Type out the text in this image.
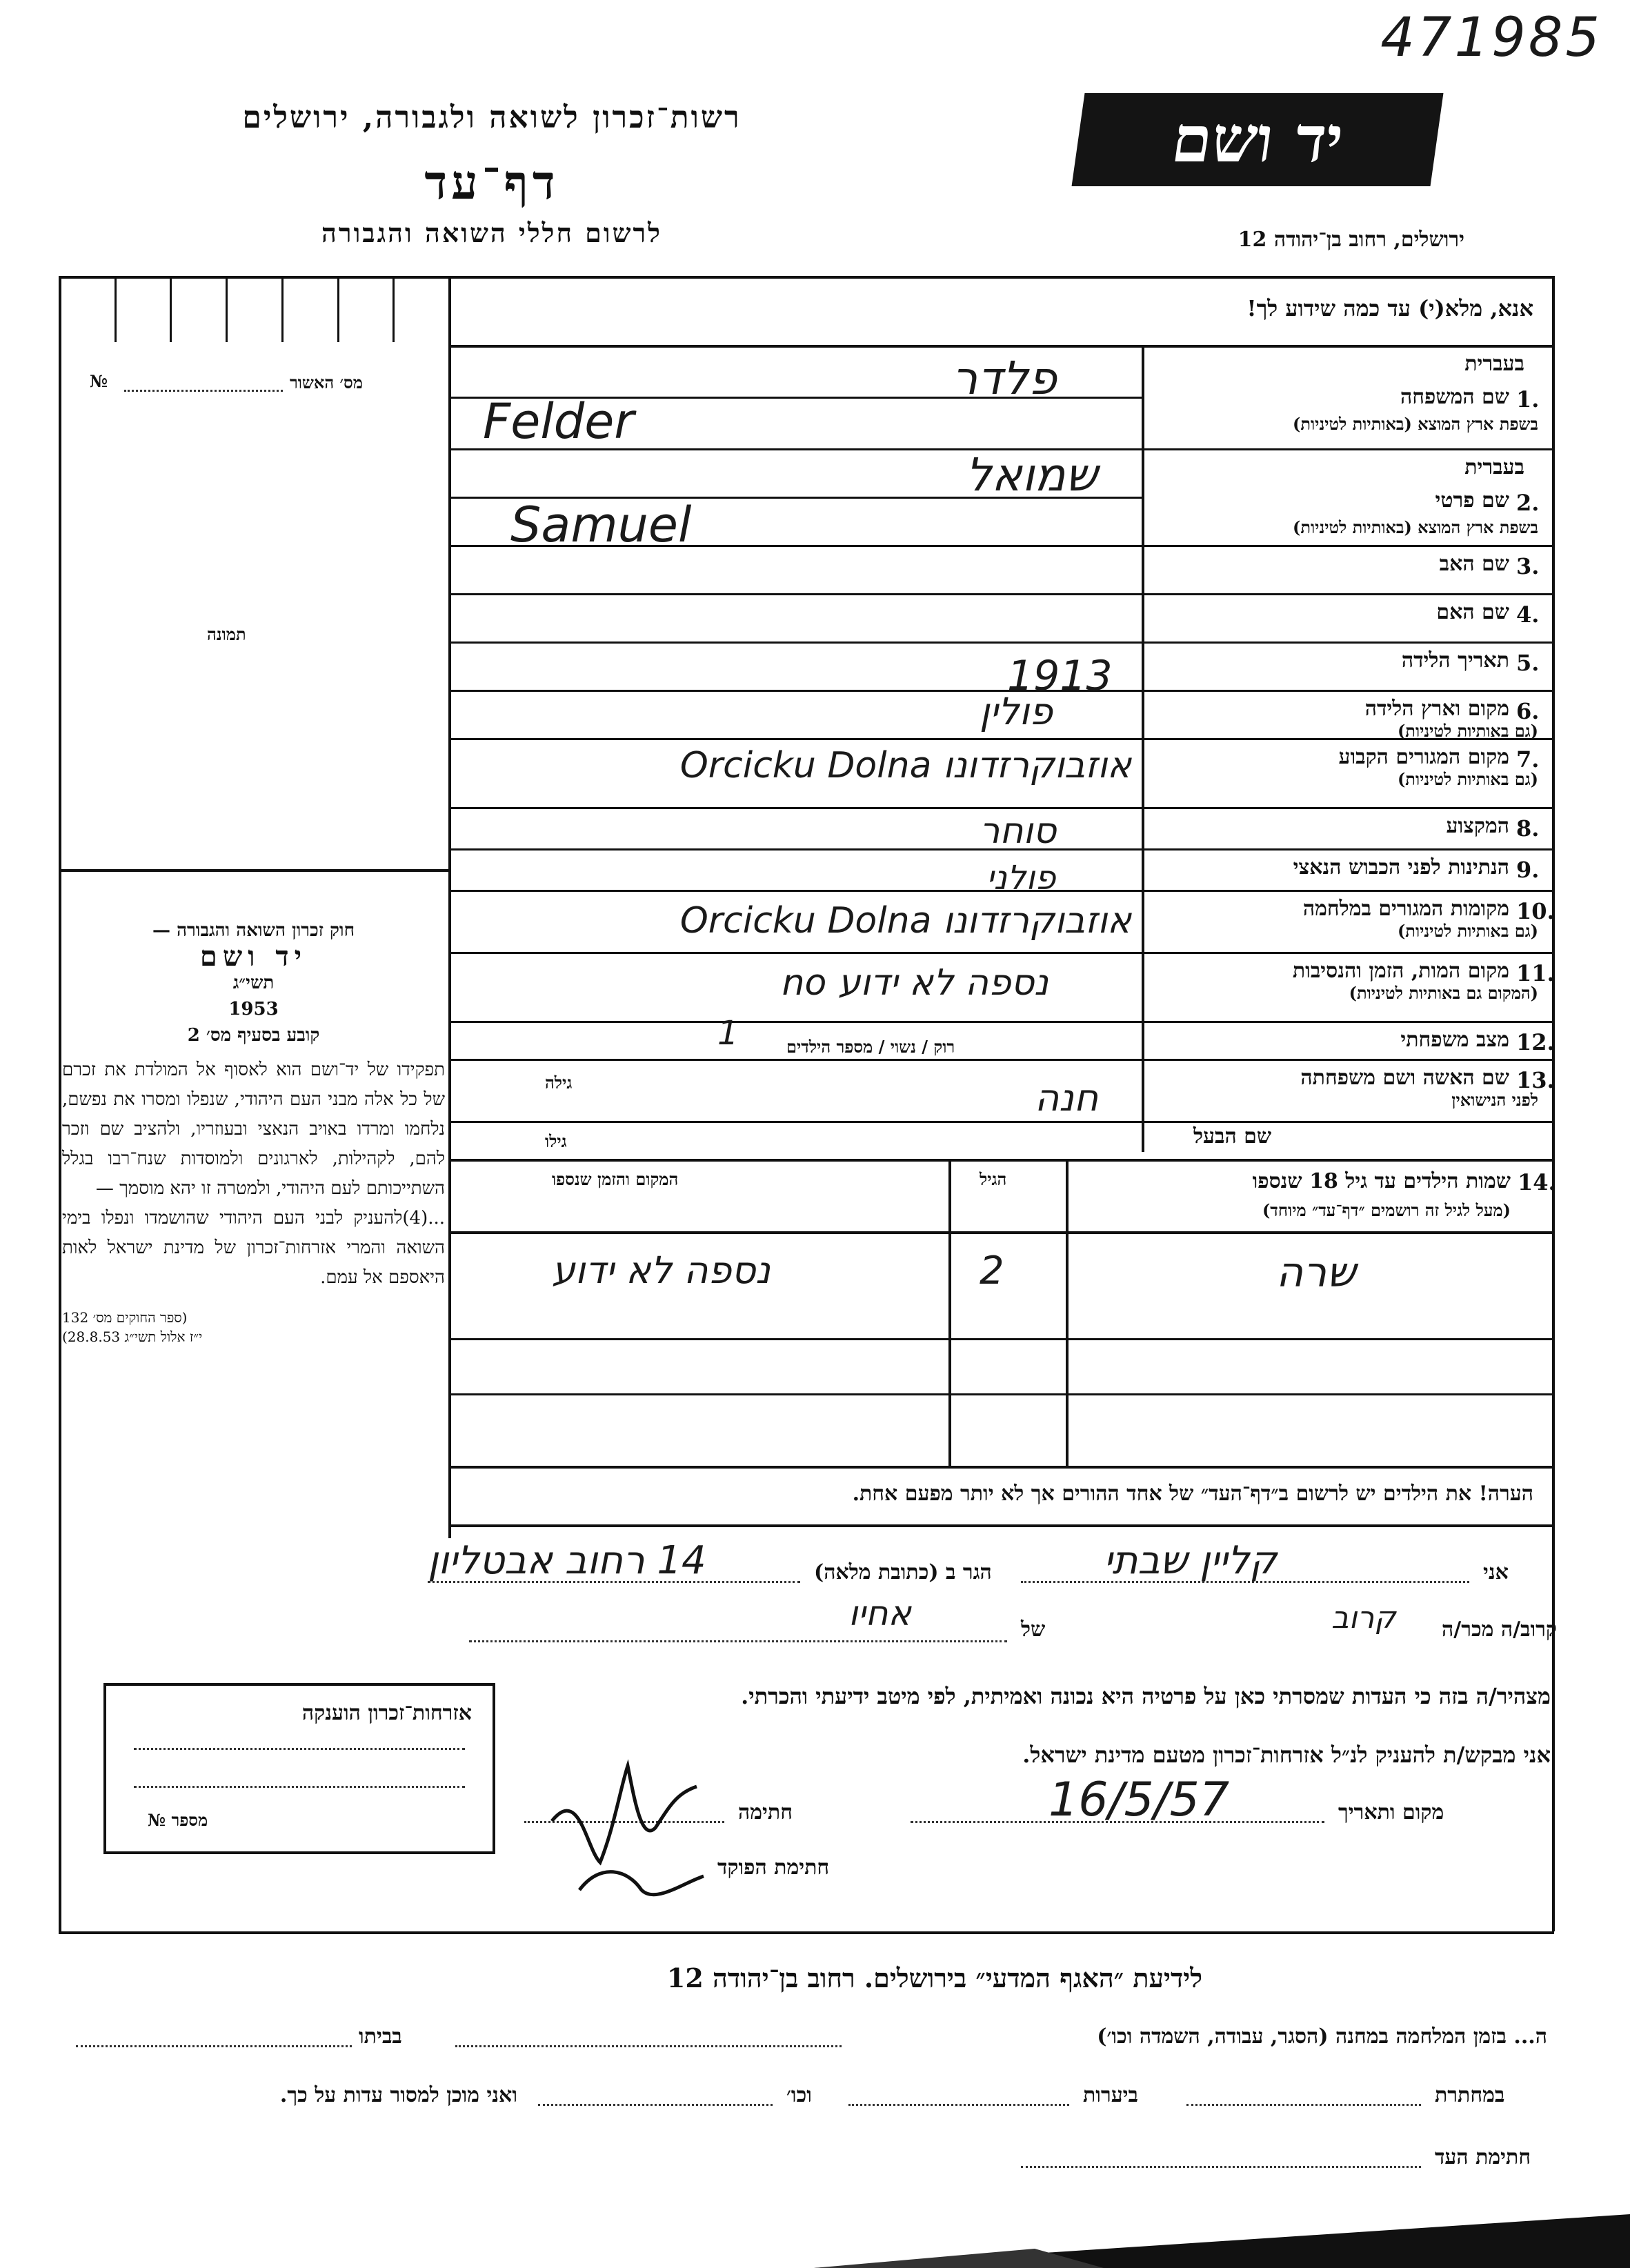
471985
רשות־זכרון לשואה ולגבורה, ירושלים
דף־עד
לרשום חללי השואה והגבורה
יד ושם
ירושלים, רחוב בן־יהודה 12
אנא, מלא(י) עד כמה שידוע לך!
מס׳ האשור
№
תמונה
חוק זכרון השואה והגבורה —
יד ושם
תשי״ג
1953
קובע בסעיף מס׳ 2
תפקידו של יד־ושם הוא לאסוף אל המולדת את זכרם של כל אלה מבני העם היהודי, שנפלו ומסרו את נפשם, נלחמו ומרדו באויב הנאצי ובעוזריו, ולהציב שם וזכר להם, לקהילות, לארגונים ולמוסדות שנח־רבו בגלל השתייכותם לעם היהודי, ולמטרה זו יהא מוסמך —
...(4)להעניק לבני העם היהודי שהושמדו ונפלו בימי השואה והמרי אזרחות־זכרון של מדינת ישראל לאות היאספם אל עמם.
(ספר החוקים מס׳ 132
י״ז אלול תשי״ג 28.8.53)
1.
שם המשפחה
בעברית
בשפת ארץ המוצא (באותיות לטיניות)
2.
שם פרטי
בעברית
בשפת ארץ המוצא (באותיות לטיניות)
3.
שם האב
4.
שם האם
5.
תאריך הלידה
6.
מקום וארץ הלידה
(גם באותיות לטיניות)
7.
מקום המגורים הקבוע
(גם באותיות לטיניות)
8.
המקצוע
9.
הנתינות לפני הכבוש הנאצי
10.
מקומות המגורים במלחמה
(גם באותיות לטיניות)
11.
מקום המות, הזמן והנסיבות
(המקום גם באותיות לטיניות)
12.
מצב משפחתי
13.
שם האשה ושם משפחתה
לפני הנישואין
רוק / נשוי / מספר הילדים
גילה
שם הבעל
גילו
14.
שמות הילדים עד גיל 18 שנספו
(מעל לגיל זה רושמים ״דף־עד״ מיוחד)
הגיל
המקום והזמן שנספו
הערה! את הילדים יש לרשום ב״דף־העד״ של אחד ההורים אך לא יותר מפעם אחת.
פלדר
Felder
שמואל
Samuel
1913
פולין
אוזבוקרזדונו Orcicku Dolna
סוחר
פולני
אוזבוקרזדונו Orcicku Dolna
נספה לא ידוע no
1
חנה
שרה
2
נספה לא ידוע
אני
קליין שבתי
הגר ב (כתובת מלאה)
14 רחוב אבטליון
קרוב/ה מכר/ה
קרוב
של
אחיו
מצהיר/ה בזה כי העדות שמסרתי כאן על פרטיה היא נכונה ואמיתית, לפי מיטב ידיעתי והכרתי.
אני מבקש/ת להעניק לנ״ל אזרחות־זכרון מטעם מדינת ישראל.
מקום ותאריך
16/5/57
חתימה
חתימת הפוקד
אזרחות־זכרון הוענקה
מספר №
לידיעת ״האגף המדעי״ בירושלים. רחוב בן־יהודה 12
ה... בזמן המלחמה במחנה (הסגר, עבודה, השמדה וכו׳)
בביתו
במחתרת
ביערות
וכו׳
ואני מוכן למסור עדות על כך.
חתימת העד
